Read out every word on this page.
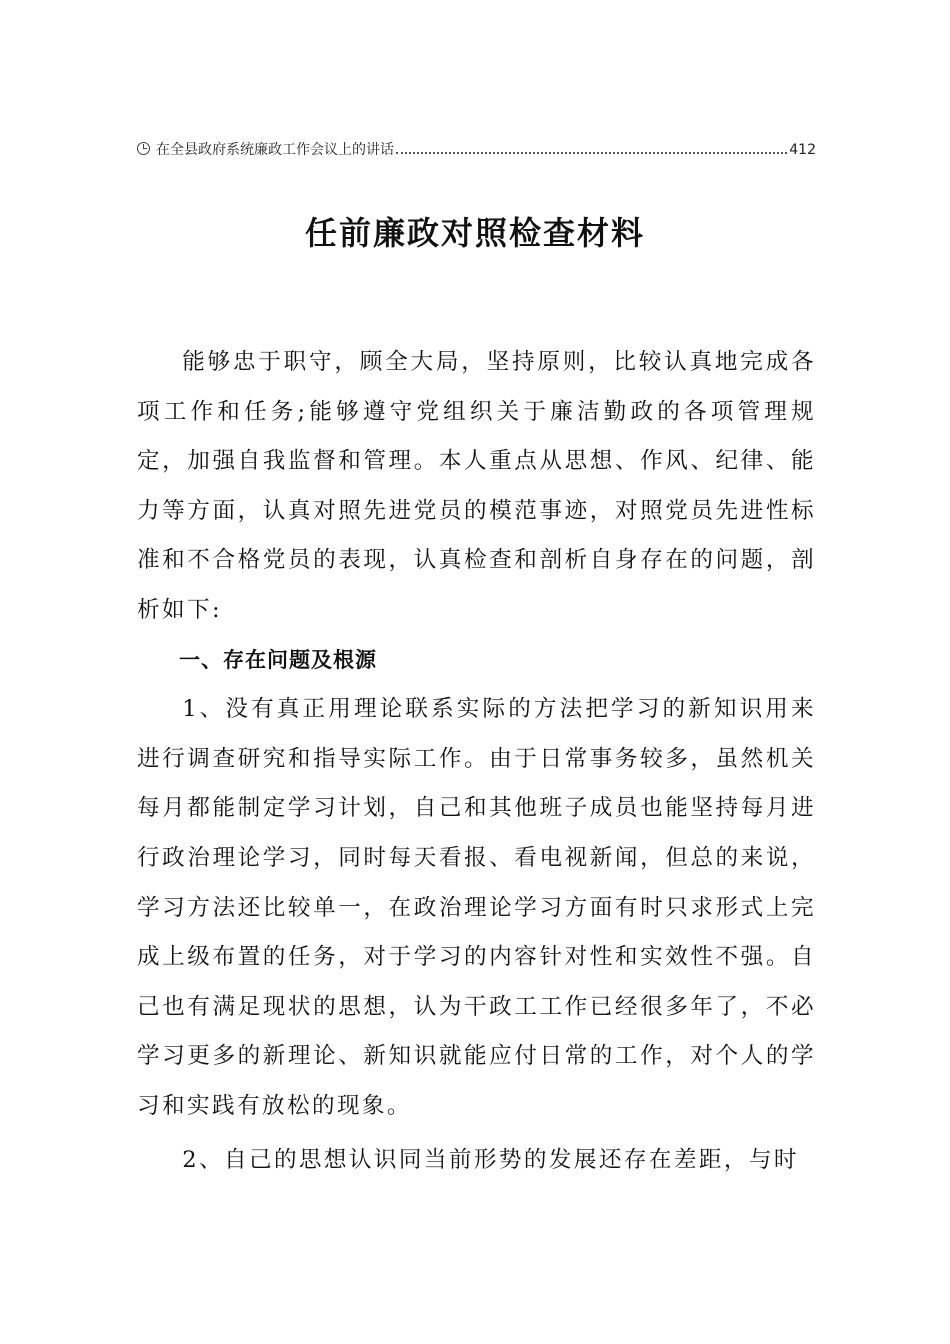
在全县政府系统廉政工作会议上的讲话	412
任前廉政对照检查材料

能够忠于职守，顾全大局，坚持原则，比较认真地完成各项工作和任务;能够遵守党组织关于廉洁勤政的各项管理规定，加强自我监督和管理。本人重点从思想、作风、纪律、能力等方面，认真对照先进党员的模范事迹，对照党员先进性标准和不合格党员的表现，认真检查和剖析自身存在的问题，剖析如下:

一、存在问题及根源

1、没有真正用理论联系实际的方法把学习的新知识用来进行调查研究和指导实际工作。由于日常事务较多，虽然机关每月都能制定学习计划，自己和其他班子成员也能坚持每月进行政治理论学习，同时每天看报、看电视新闻，但总的来说，学习方法还比较单一，在政治理论学习方面有时只求形式上完成上级布置的任务，对于学习的内容针对性和实效性不强。自己也有满足现状的思想，认为干政工工作已经很多年了，不必学习更多的新理论、新知识就能应付日常的工作，对个人的学习和实践有放松的现象。

2、自己的思想认识同当前形势的发展还存在差距，与时
